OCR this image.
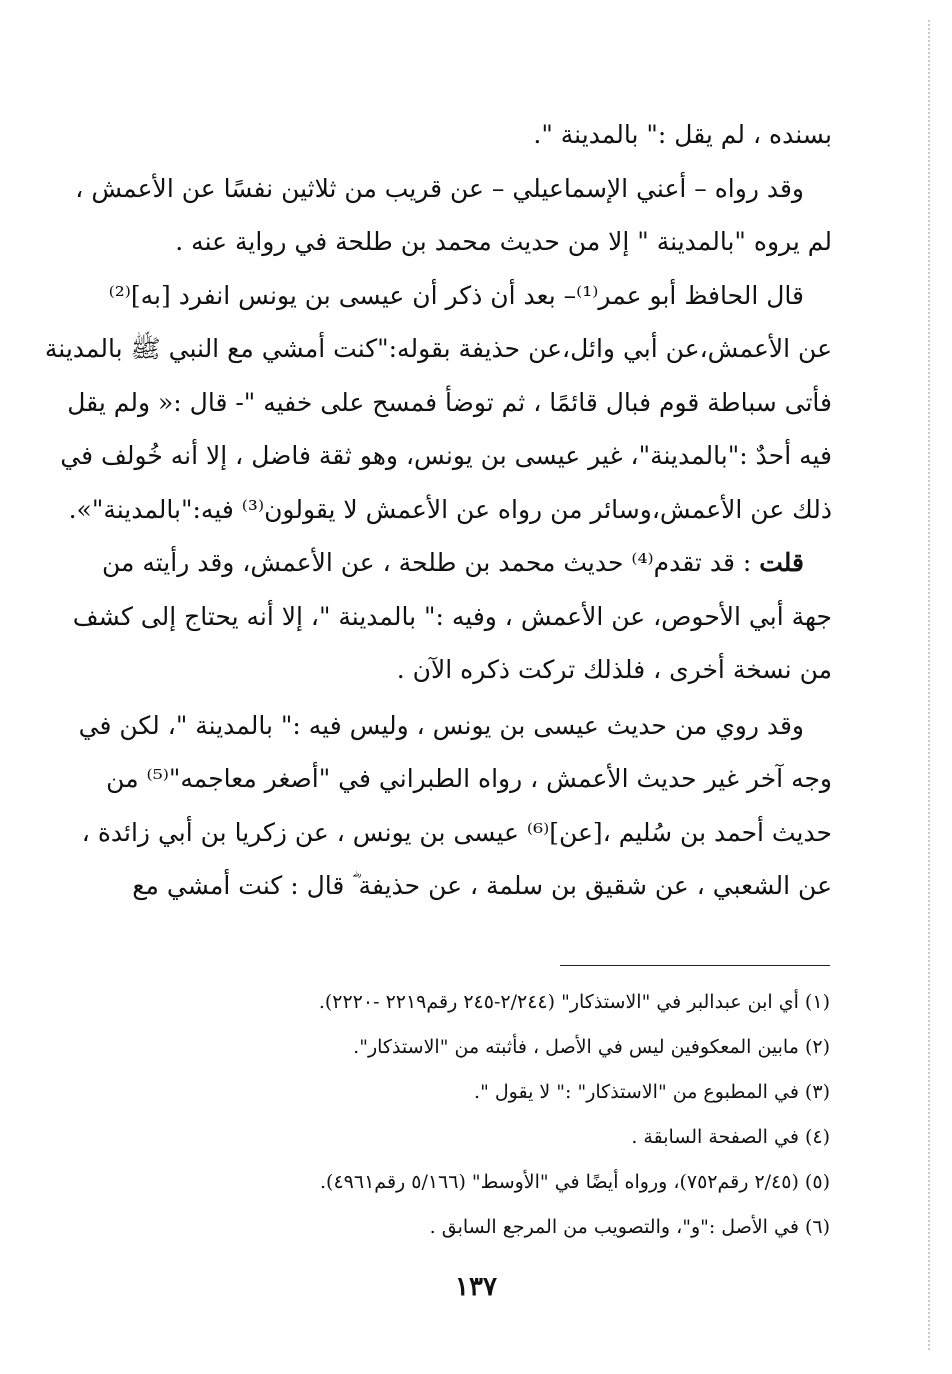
بسنده ، لم يقل :" بالمدينة ".
وقد رواه – أعني الإسماعيلي – عن قريب من ثلاثين نفسًا عن الأعمش ،
لم يروه "بالمدينة " إلا من حديث محمد بن طلحة في رواية عنه .
قال الحافظ أبو عمر⁽¹⁾– بعد أن ذكر أن عيسى بن يونس انفرد [به]⁽²⁾
عن الأعمش،عن أبي وائل،عن حذيفة بقوله:"كنت أمشي مع النبي ﷺ بالمدينة
فأتى سباطة قوم فبال قائمًا ، ثم توضأ فمسح على خفيه "- قال :« ولم يقل
فيه أحدٌ :"بالمدينة"، غير عيسى بن يونس، وهو ثقة فاضل ، إلا أنه خُولف في
ذلك عن الأعمش،وسائر من رواه عن الأعمش لا يقولون⁽³⁾ فيه:"بالمدينة"».
قلت : قد تقدم⁽⁴⁾ حديث محمد بن طلحة ، عن الأعمش، وقد رأيته من
جهة أبي الأحوص، عن الأعمش ، وفيه :" بالمدينة "، إلا أنه يحتاج إلى كشف
من نسخة أخرى ، فلذلك تركت ذكره الآن .
وقد روي من حديث عيسى بن يونس ، وليس فيه :" بالمدينة "، لكن في
وجه آخر غير حديث الأعمش ، رواه الطبراني في "أصغر معاجمه"⁽⁵⁾ من
حديث أحمد بن سُليم ،[عن]⁽⁶⁾ عيسى بن يونس ، عن زكريا بن أبي زائدة ،
عن الشعبي ، عن شقيق بن سلمة ، عن حذيفة ؓ قال : كنت أمشي مع
(١) أي ابن عبدالبر في "الاستذكار" (٢/٢٤٤-٢٤٥ رقم٢٢١٩ -٢٢٢٠).
(٢) مابين المعكوفين ليس في الأصل ، فأثبته من "الاستذكار".
(٣) في المطبوع من "الاستذكار" :" لا يقول ".
(٤) في الصفحة السابقة .
(٥) (٢/٤٥ رقم٧٥٢)، ورواه أيضًا في "الأوسط" (٥/١٦٦ رقم٤٩٦١).
(٦) في الأصل :"و"، والتصويب من المرجع السابق .
١٣٧
